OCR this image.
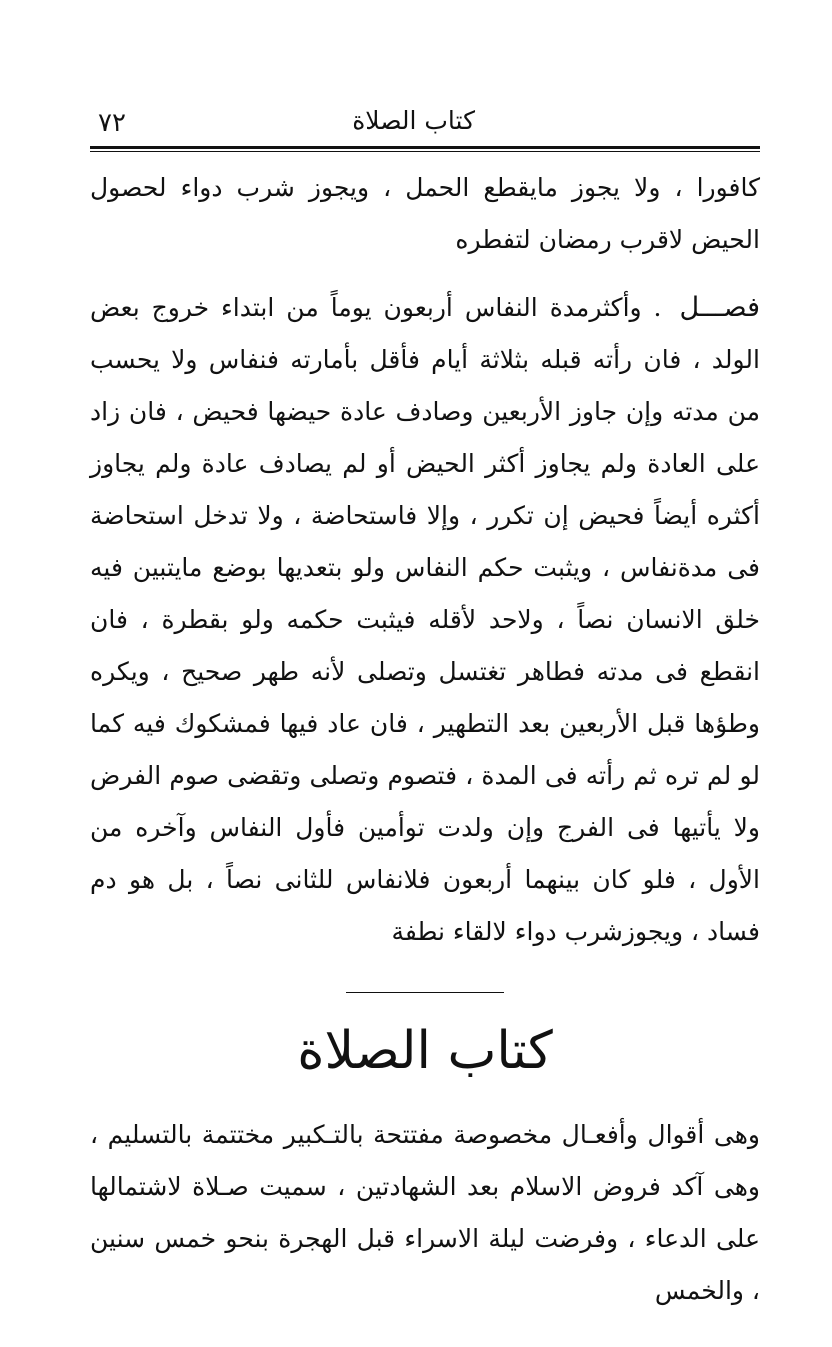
كتاب الصلاة
٧٢

كافورا ، ولا يجوز مايقطع الحمل ، ويجوز شرب دواء لحصول الحيض لاقرب رمضان لتفطره

فصـــل . وأكثرمدة النفاس أربعون يوماً من ابتداء خروج بعض الولد ، فان رأته قبله بثلاثة أيام فأقل بأمارته فنفاس ولا يحسب من مدته وإن جاوز الأربعين وصادف عادة حيضها فحيض ، فان زاد على العادة ولم يجاوز أكثر الحيض أو لم يصادف عادة ولم يجاوز أكثره أيضاً فحيض إن تكرر ، وإلا فاستحاضة ، ولا تدخل استحاضة فى مدةنفاس ، ويثبت حكم النفاس ولو بتعديها بوضع مايتبين فيه خلق الانسان نصاً ، ولاحد لأقله فيثبت حكمه ولو بقطرة ، فان انقطع فى مدته فطاهر تغتسل وتصلى لأنه طهر صحيح ، ويكره وطؤها قبل الأربعين بعد التطهير ، فان عاد فيها فمشكوك فيه كما لو لم تره ثم رأته فى المدة ، فتصوم وتصلى وتقضى صوم الفرض ولا يأتيها فى الفرج وإن ولدت توأمين فأول النفاس وآخره من الأول ، فلو كان بينهما أربعون فلانفاس للثانى نصاً ، بل هو دم فساد ، ويجوزشرب دواء لالقاء نطفة

كتاب الصلاة

وهى أقوال وأفعـال مخصوصة مفتتحة بالتـكبير مختتمة بالتسليم ، وهى آكد فروض الاسلام بعد الشهادتين ، سميت صـلاة لاشتمالها على الدعاء ، وفرضت ليلة الاسراء قبل الهجرة بنحو خمس سنين ، والخمس
